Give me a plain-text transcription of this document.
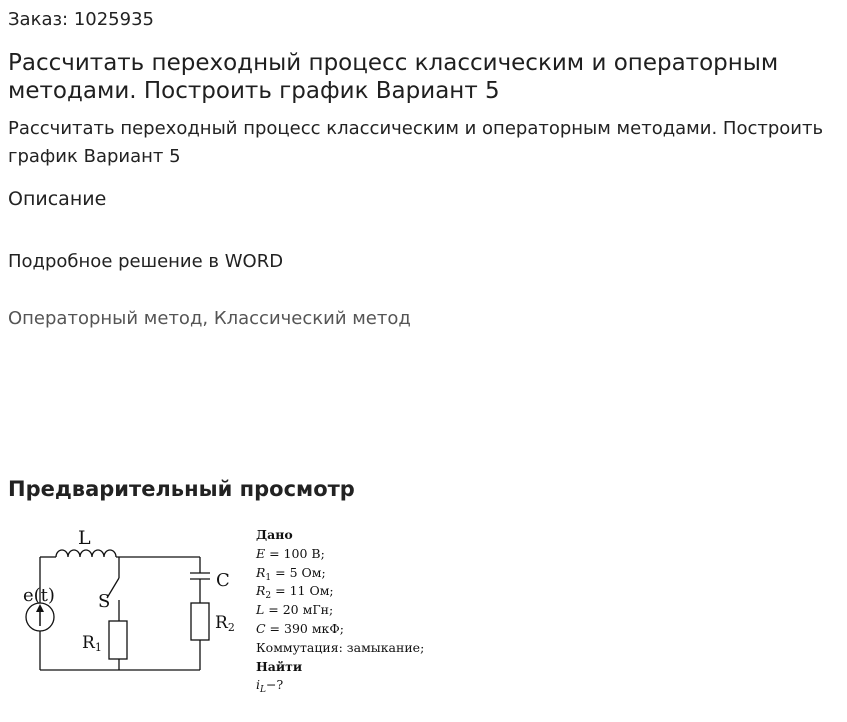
Заказ: 1025935
Рассчитать переходный процесс классическим и операторным методами. Построить график Вариант 5
Рассчитать переходный процесс классическим и операторным методами. Построить график Вариант 5
Описание
Подробное решение в WORD
Операторный метод, Классический метод
Предварительный просмотр
L
C
S
e(t)
R1
R2
Дано
E = 100 В;
$R_1 = 5$ Ом;
$R_2 = 11$ Ом;
L = 20 мГн;
C = 390 мкФ;
Коммутация: замыкание;
Найти
$i_L-$?
